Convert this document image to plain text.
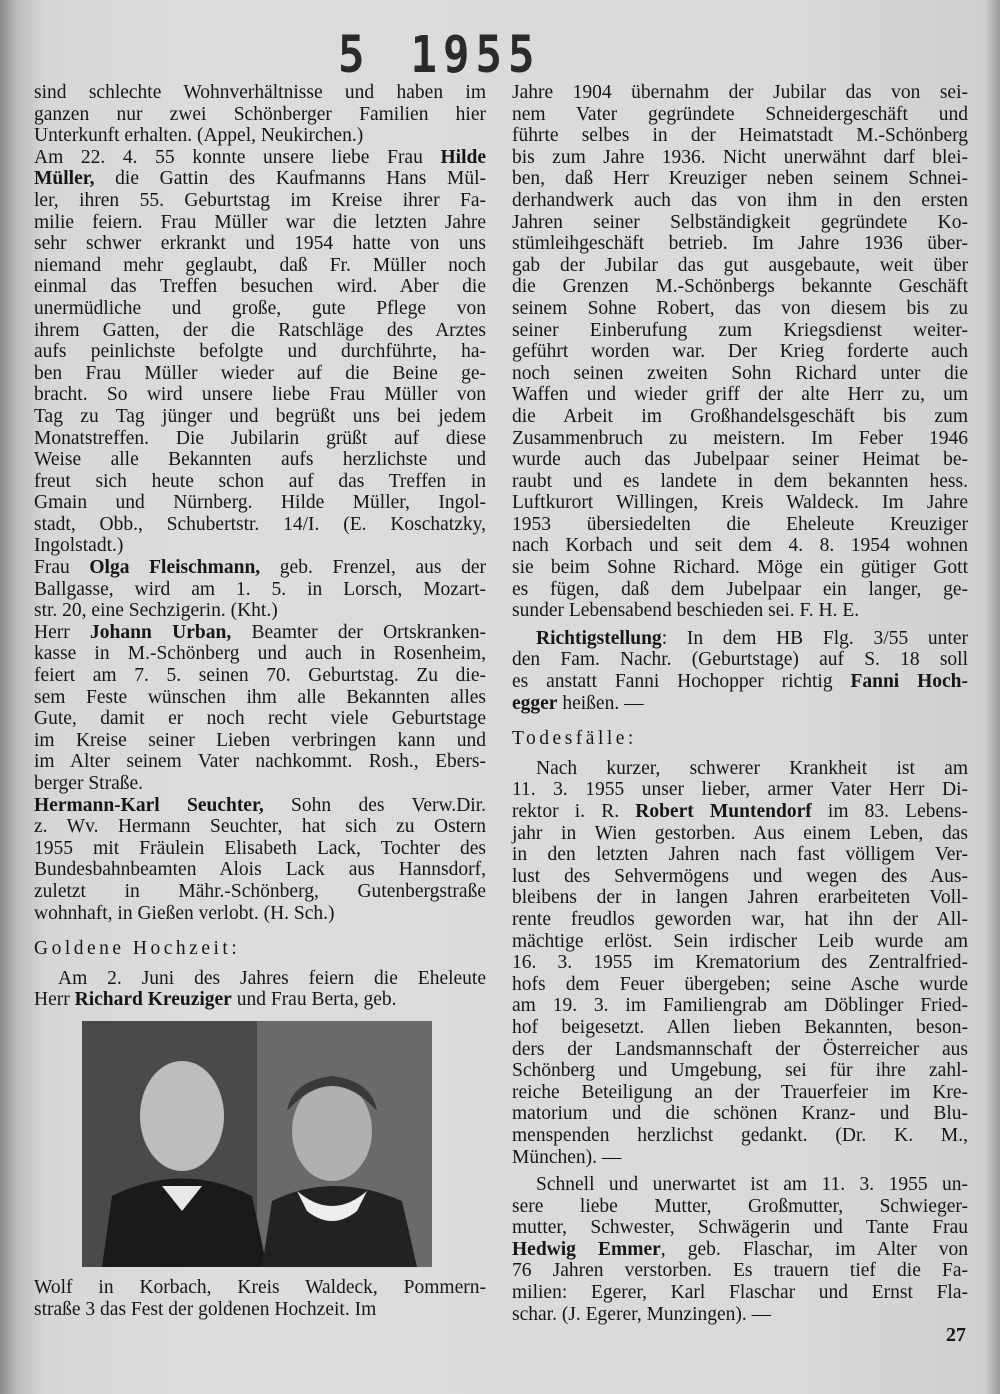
5 1955
sind schlechte Wohnverhältnisse und haben im
ganzen nur zwei Schönberger Familien hier
Unterkunft erhalten. (Appel, Neukirchen.)
Am 22. 4. 55 konnte unsere liebe Frau Hilde
Müller, die Gattin des Kaufmanns Hans Mül-
ler, ihren 55. Geburtstag im Kreise ihrer Fa-
milie feiern. Frau Müller war die letzten Jahre
sehr schwer erkrankt und 1954 hatte von uns
niemand mehr geglaubt, daß Fr. Müller noch
einmal das Treffen besuchen wird. Aber die
unermüdliche und große, gute Pflege von
ihrem Gatten, der die Ratschläge des Arztes
aufs peinlichste befolgte und durchführte, ha-
ben Frau Müller wieder auf die Beine ge-
bracht. So wird unsere liebe Frau Müller von
Tag zu Tag jünger und begrüßt uns bei jedem
Monatstreffen. Die Jubilarin grüßt auf diese
Weise alle Bekannten aufs herzlichste und
freut sich heute schon auf das Treffen in
Gmain und Nürnberg. Hilde Müller, Ingol-
stadt, Obb., Schubertstr. 14/I. (E. Koschatzky,
Ingolstadt.)
Frau Olga Fleischmann, geb. Frenzel, aus der
Ballgasse, wird am 1. 5. in Lorsch, Mozart-
str. 20, eine Sechzigerin. (Kht.)
Herr Johann Urban, Beamter der Ortskranken-
kasse in M.-Schönberg und auch in Rosenheim,
feiert am 7. 5. seinen 70. Geburtstag. Zu die-
sem Feste wünschen ihm alle Bekannten alles
Gute, damit er noch recht viele Geburtstage
im Kreise seiner Lieben verbringen kann und
im Alter seinem Vater nachkommt. Rosh., Ebers-
berger Straße.
Hermann-Karl Seuchter, Sohn des Verw.Dir.
z. Wv. Hermann Seuchter, hat sich zu Ostern
1955 mit Fräulein Elisabeth Lack, Tochter des
Bundesbahnbeamten Alois Lack aus Hannsdorf,
zuletzt in Mähr.-Schönberg, Gutenbergstraße
wohnhaft, in Gießen verlobt. (H. Sch.)
Goldene Hochzeit:
Am 2. Juni des Jahres feiern die Eheleute
Herr Richard Kreuziger und Frau Berta, geb.
Wolf in Korbach, Kreis Waldeck, Pommern-
straße 3 das Fest der goldenen Hochzeit. Im
Jahre 1904 übernahm der Jubilar das von sei-
nem Vater gegründete Schneidergeschäft und
führte selbes in der Heimatstadt M.-Schönberg
bis zum Jahre 1936. Nicht unerwähnt darf blei-
ben, daß Herr Kreuziger neben seinem Schnei-
derhandwerk auch das von ihm in den ersten
Jahren seiner Selbständigkeit gegründete Ko-
stümleihgeschäft betrieb. Im Jahre 1936 über-
gab der Jubilar das gut ausgebaute, weit über
die Grenzen M.-Schönbergs bekannte Geschäft
seinem Sohne Robert, das von diesem bis zu
seiner Einberufung zum Kriegsdienst weiter-
geführt worden war. Der Krieg forderte auch
noch seinen zweiten Sohn Richard unter die
Waffen und wieder griff der alte Herr zu, um
die Arbeit im Großhandelsgeschäft bis zum
Zusammenbruch zu meistern. Im Feber 1946
wurde auch das Jubelpaar seiner Heimat be-
raubt und es landete in dem bekannten hess.
Luftkurort Willingen, Kreis Waldeck. Im Jahre
1953 übersiedelten die Eheleute Kreuziger
nach Korbach und seit dem 4. 8. 1954 wohnen
sie beim Sohne Richard. Möge ein gütiger Gott
es fügen, daß dem Jubelpaar ein langer, ge-
sunder Lebensabend beschieden sei. F. H. E.
Richtigstellung: In dem HB Flg. 3/55 unter
den Fam. Nachr. (Geburtstage) auf S. 18 soll
es anstatt Fanni Hochopper richtig Fanni Hoch-
egger heißen. —
Todesfälle:
Nach kurzer, schwerer Krankheit ist am
11. 3. 1955 unser lieber, armer Vater Herr Di-
rektor i. R. Robert Muntendorf im 83. Lebens-
jahr in Wien gestorben. Aus einem Leben, das
in den letzten Jahren nach fast völligem Ver-
lust des Sehvermögens und wegen des Aus-
bleibens der in langen Jahren erarbeiteten Voll-
rente freudlos geworden war, hat ihn der All-
mächtige erlöst. Sein irdischer Leib wurde am
16. 3. 1955 im Krematorium des Zentralfried-
hofs dem Feuer übergeben; seine Asche wurde
am 19. 3. im Familiengrab am Döblinger Fried-
hof beigesetzt. Allen lieben Bekannten, beson-
ders der Landsmannschaft der Österreicher aus
Schönberg und Umgebung, sei für ihre zahl-
reiche Beteiligung an der Trauerfeier im Kre-
matorium und die schönen Kranz- und Blu-
menspenden herzlichst gedankt. (Dr. K. M.,
München). —
Schnell und unerwartet ist am 11. 3. 1955 un-
sere liebe Mutter, Großmutter, Schwieger-
mutter, Schwester, Schwägerin und Tante Frau
Hedwig Emmer, geb. Flaschar, im Alter von
76 Jahren verstorben. Es trauern tief die Fa-
milien: Egerer, Karl Flaschar und Ernst Fla-
schar. (J. Egerer, Munzingen). —
27
